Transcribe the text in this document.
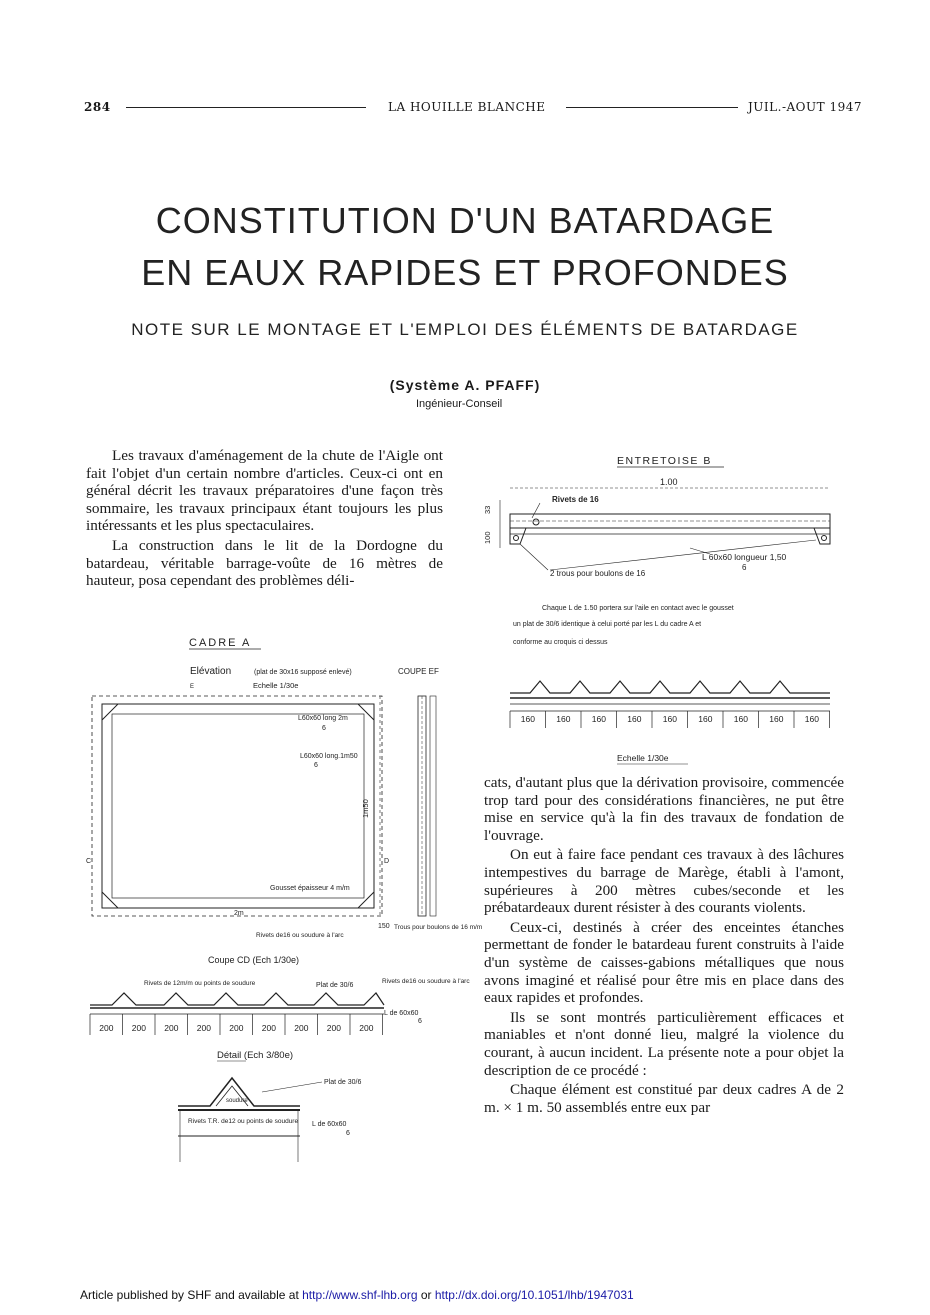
284	LA HOUILLE BLANCHE	JUIL.-AOUT 1947
CONSTITUTION D'UN BATARDAGE
EN EAUX RAPIDES ET PROFONDES
NOTE SUR LE MONTAGE ET L'EMPLOI DES ÉLÉMENTS DE BATARDAGE
(Système A. PFAFF)
Ingénieur-Conseil

Les travaux d'aménagement de la chute de l'Aigle ont fait l'objet d'un certain nombre d'articles. Ceux-ci ont en général décrit les travaux préparatoires d'une façon très sommaire, les travaux principaux étant toujours les plus intéressants et les plus spectaculaires.

La construction dans le lit de la Dordogne du batardeau, véritable barrage-voûte de 16 mètres de hauteur, posa cependant des problèmes déli-

cats, d'autant plus que la dérivation provisoire, commencée trop tard pour des considérations financières, ne put être mise en service qu'à la fin des travaux de fondation de l'ouvrage.

On eut à faire face pendant ces travaux à des lâchures intempestives du barrage de Marège, établi à l'amont, supérieures à 200 mètres cubes/seconde et les prébatardeaux durent résister à des courants violents.

Ceux-ci, destinés à créer des enceintes étanches permettant de fonder le batardeau furent construits à l'aide d'un système de caisses-gabions métalliques que nous avons imaginé et réalisé pour être mis en place dans des eaux rapides et profondes.

Ils se sont montrés particulièrement efficaces et maniables et n'ont donné lieu, malgré la violence du courant, à aucun incident. La présente note a pour objet la description de ce procédé :

Chaque élément est constitué par deux cadres A de 2 m. × 1 m. 50 assemblés entre eux par

ENTRETOISE B
1.00
Rivets de 16
33
100
L 60x60 longueur 1,50
6
2 trous pour boulons de 16
Chaque L de 1.50 portera sur l'aile en contact avec le gousset
un plat de 30/6 identique à celui porté par les L du cadre A et
conforme au croquis ci dessus
160	160	160	160	160	160	160	160	160
Echelle 1/30e
CADRE A
Elévation	(plat de 30x16 supposé enlevé)	COUPE EF
E	Echelle 1/30e
L60x60 long 2m
6
L60x60 long.1m50
6
1m50
C	D
Gousset épaisseur 4 m/m
2m
Rivets de16 ou soudure à l'arc
150 Trous pour boulons de 16 m/m
Coupe CD (Ech 1/30e)
Rivets de 12m/m ou points de soudure	Plat de 30/6
Rivets de16 ou soudure à l'arc
L de 60x60
6
200 200 200 200 200 200 200 200 200
Détail (Ech 3/80e)
Plat de 30/6
soudure
Rivets T.R. de12 ou points de soudure L de 60x60
6
Article published by SHF and available at http://www.shf-lhb.org or http://dx.doi.org/10.1051/lhb/1947031
